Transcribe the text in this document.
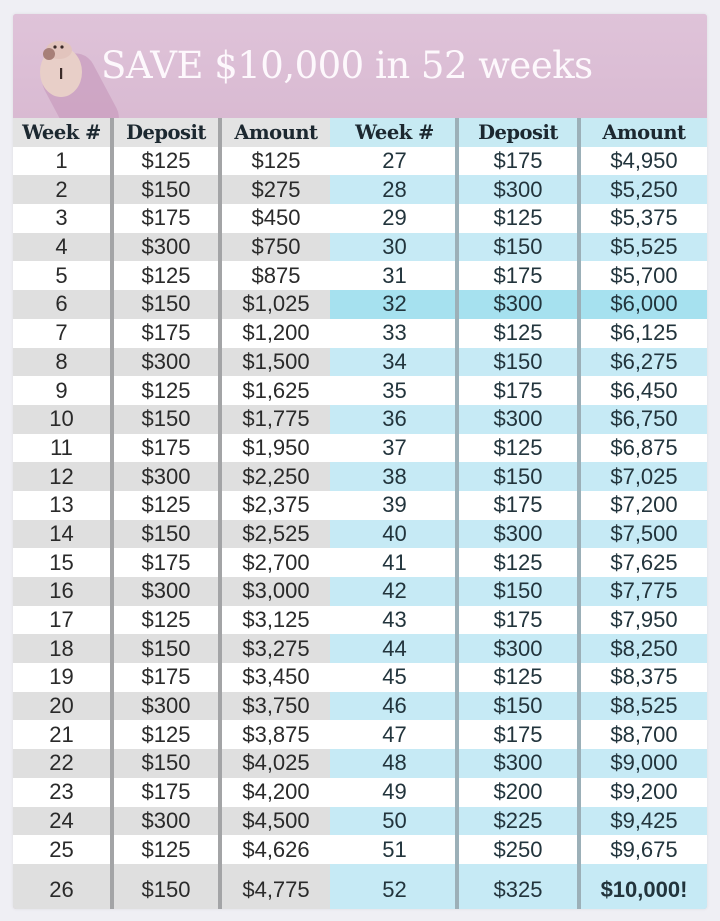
SAVE $10,000 in 52 weeks
Week #	Deposit	Amount	Week #	Deposit	Amount
1	$125	$125	27	$175	$4,950
2	$150	$275	28	$300	$5,250
3	$175	$450	29	$125	$5,375
4	$300	$750	30	$150	$5,525
5	$125	$875	31	$175	$5,700
6	$150	$1,025	32	$300	$6,000
7	$175	$1,200	33	$125	$6,125
8	$300	$1,500	34	$150	$6,275
9	$125	$1,625	35	$175	$6,450
10	$150	$1,775	36	$300	$6,750
11	$175	$1,950	37	$125	$6,875
12	$300	$2,250	38	$150	$7,025
13	$125	$2,375	39	$175	$7,200
14	$150	$2,525	40	$300	$7,500
15	$175	$2,700	41	$125	$7,625
16	$300	$3,000	42	$150	$7,775
17	$125	$3,125	43	$175	$7,950
18	$150	$3,275	44	$300	$8,250
19	$175	$3,450	45	$125	$8,375
20	$300	$3,750	46	$150	$8,525
21	$125	$3,875	47	$175	$8,700
22	$150	$4,025	48	$300	$9,000
23	$175	$4,200	49	$200	$9,200
24	$300	$4,500	50	$225	$9,425
25	$125	$4,626	51	$250	$9,675
26	$150	$4,775	52	$325	$10,000!
